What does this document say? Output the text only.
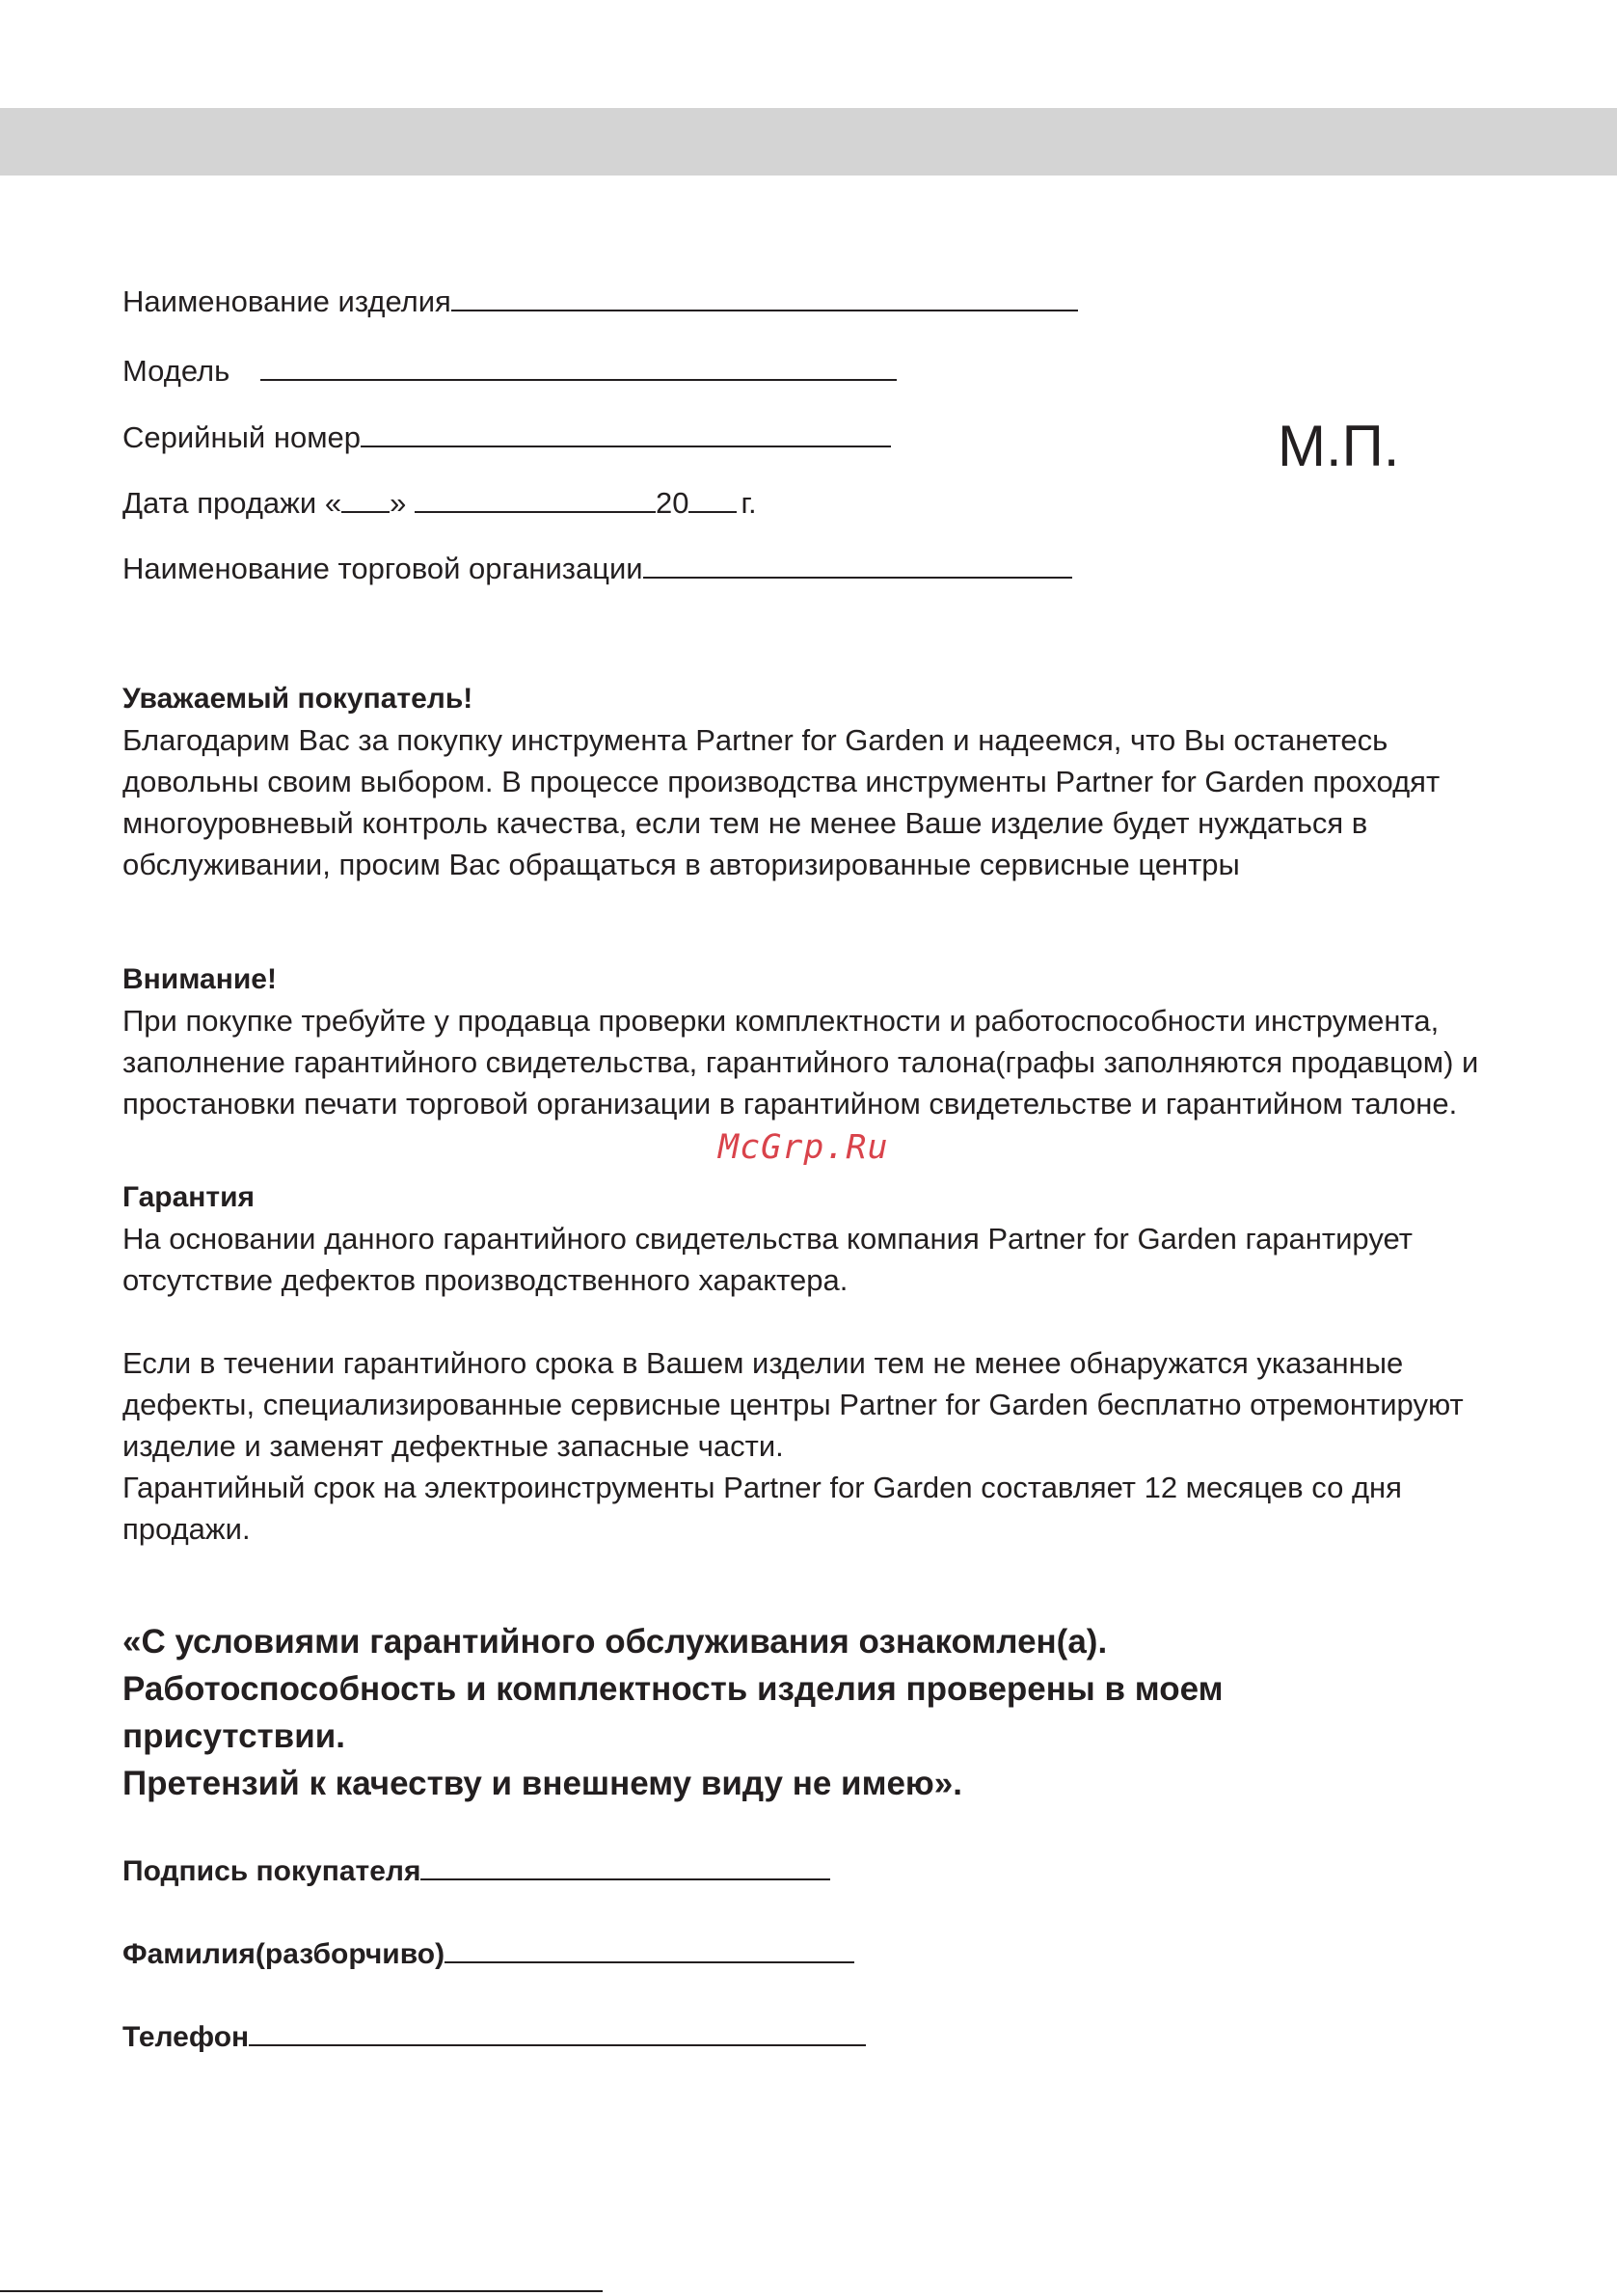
Наименование изделия
Модель
Серийный номер
Дата продажи « »	20 г.
Наименование торговой организации
М.П.
Уважаемый покупатель!

Благодарим Вас за покупку инструмента Partner for Garden и надеемся, что Вы останетесь довольны своим выбором. В процессе производства инструменты Partner for Garden проходят многоуровневый контроль качества, если тем не менее Ваше изделие будет нуждаться в обслуживании, просим Вас обращаться в авторизированные сервисные центры

Внимание!

При покупке требуйте у продавца проверки комплектности и работоспособности инструмента, заполнение гарантийного свидетельства, гарантийного талона(графы заполняются продавцом) и простановки печати торговой организации в гарантийном свидетельстве и гарантийном талоне.

McGrp.Ru
Гарантия

На основании данного гарантийного свидетельства компания Partner for Garden гарантирует отсутствие дефектов производственного характера.

Если в течении гарантийного срока в Вашем изделии тем не менее обнаружатся указанные дефекты, специализированные сервисные центры Partner for Garden бесплатно отремонтируют изделие и заменят дефектные запасные части.

Гарантийный срок на электроинструменты Partner for Garden составляет 12 месяцев со дня продажи.

«С условиями гарантийного обслуживания ознакомлен(а).

Работоспособность и комплектность изделия проверены в моем присутствии.

Претензий к качеству и внешнему виду не имею».

Подпись покупателя
Фамилия(разборчиво)
Телефон
